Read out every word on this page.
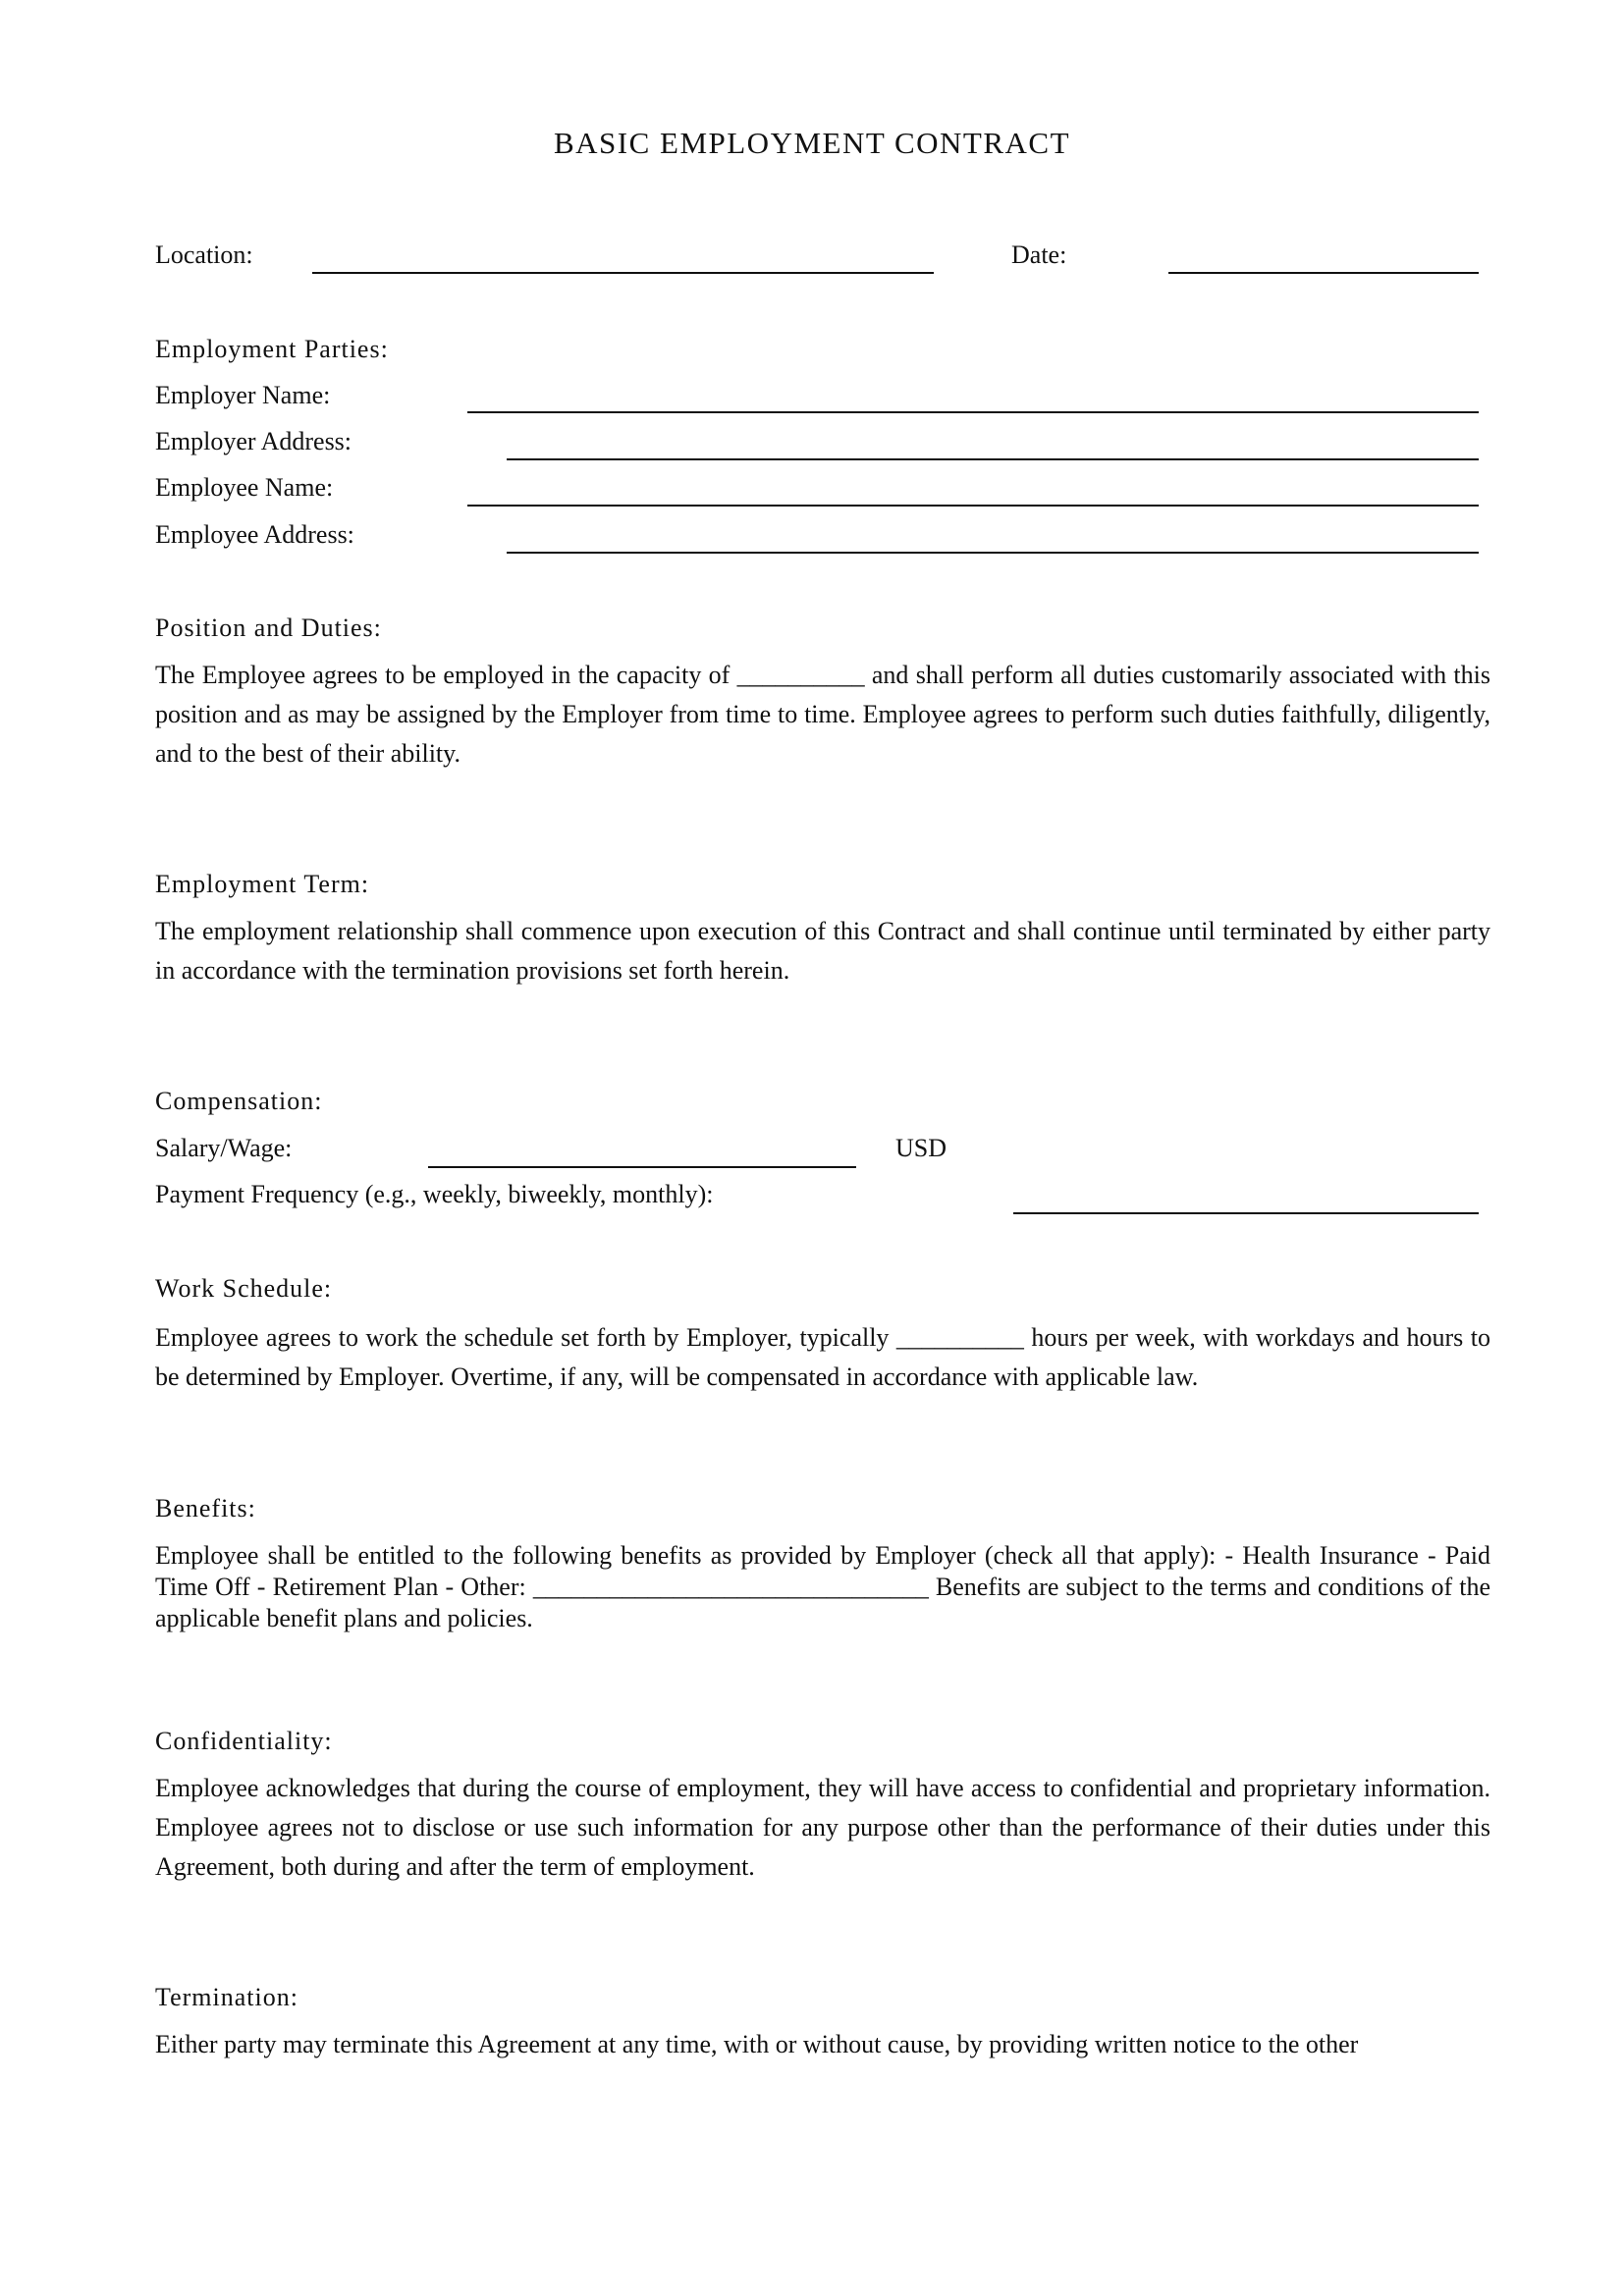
BASIC EMPLOYMENT CONTRACT
Location:	Date:
Employment Parties:
Employer Name:
Employer Address:
Employee Name:
Employee Address:
Position and Duties:

The Employee agrees to be employed in the capacity of __________ and shall perform all duties customarily associated with this position and as may be assigned by the Employer from time to time. Employee agrees to perform such duties faithfully, diligently, and to the best of their ability.

Employment Term:

The employment relationship shall commence upon execution of this Contract and shall continue until terminated by either party in accordance with the termination provisions set forth herein.

Compensation:
Salary/Wage:	USD
Payment Frequency (e.g., weekly, biweekly, monthly):
Work Schedule:

Employee agrees to work the schedule set forth by Employer, typically __________ hours per week, with workdays and hours to be determined by Employer. Overtime, if any, will be compensated in accordance with applicable law.

Benefits:

Employee shall be entitled to the following benefits as provided by Employer (check all that apply): - Health Insurance - Paid Time Off - Retirement Plan - Other: _______________________________ Benefits are subject to the terms and conditions of the applicable benefit plans and policies.

Confidentiality:

Employee acknowledges that during the course of employment, they will have access to confidential and proprietary information. Employee agrees not to disclose or use such information for any purpose other than the performance of their duties under this Agreement, both during and after the term of employment.

Termination:

Either party may terminate this Agreement at any time, with or without cause, by providing written notice to the other
